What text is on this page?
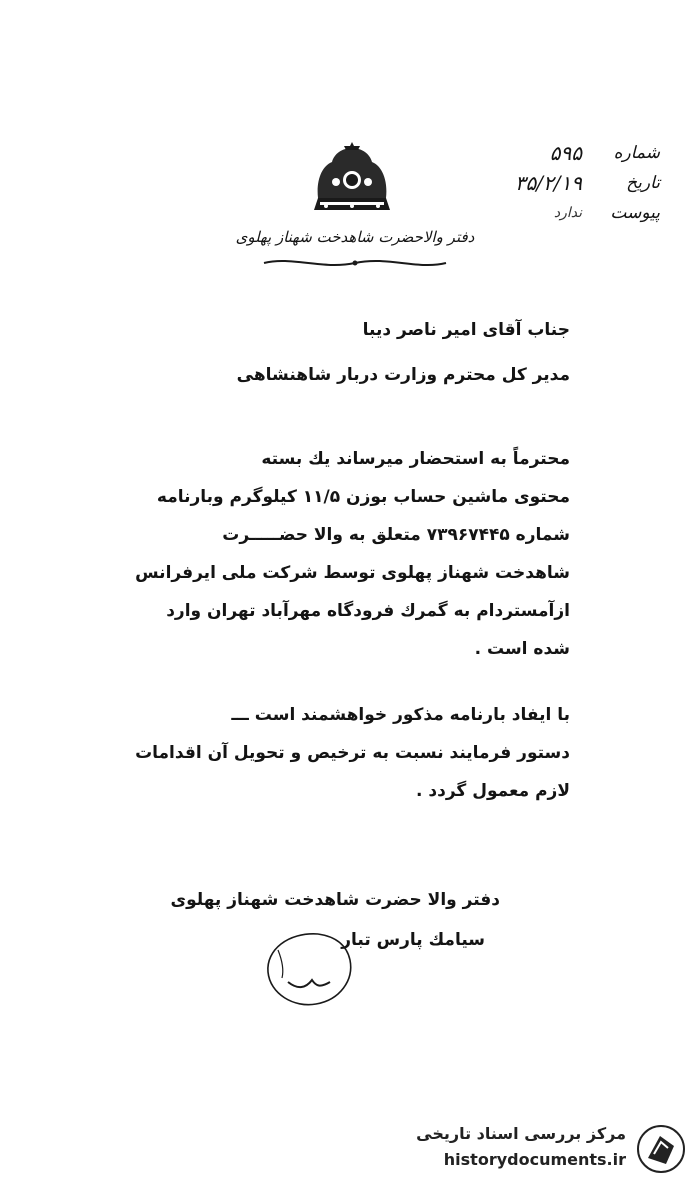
دفتر والاحضرت شاهدخت شهناز پهلوی
شماره
۵۹۵
تاریخ
۳۵/۲/۱۹
پیوست
ندارد
جناب آقای امیر ناصر دیبا
مدیر کل محترم وزارت دربار شاهنشاهی
محترماً به استحضار میرساند یك بسته
محتوی ماشین حساب بوزن ۱۱/۵ کیلوگرم وبارنامه
شماره ۷۳۹۶۷۴۴۵ متعلق به والا حضـــــرت
شاهدخت شهناز پهلوی توسط شرکت ملی ایرفرانس
ازآمستردام به گمرك فرودگاه مهرآباد تهران وارد
شده است .
با ایفاد بارنامه مذکور خواهشمند است ـــ
دستور فرمایند نسبت به ترخیص و تحویل آن اقدامات
لازم معمول گردد .
دفتر والا حضرت شاهدخت شهناز پهلوی
سیامك پارس تبار
مرکز بررسی اسناد تاریخی
historydocuments.ir
